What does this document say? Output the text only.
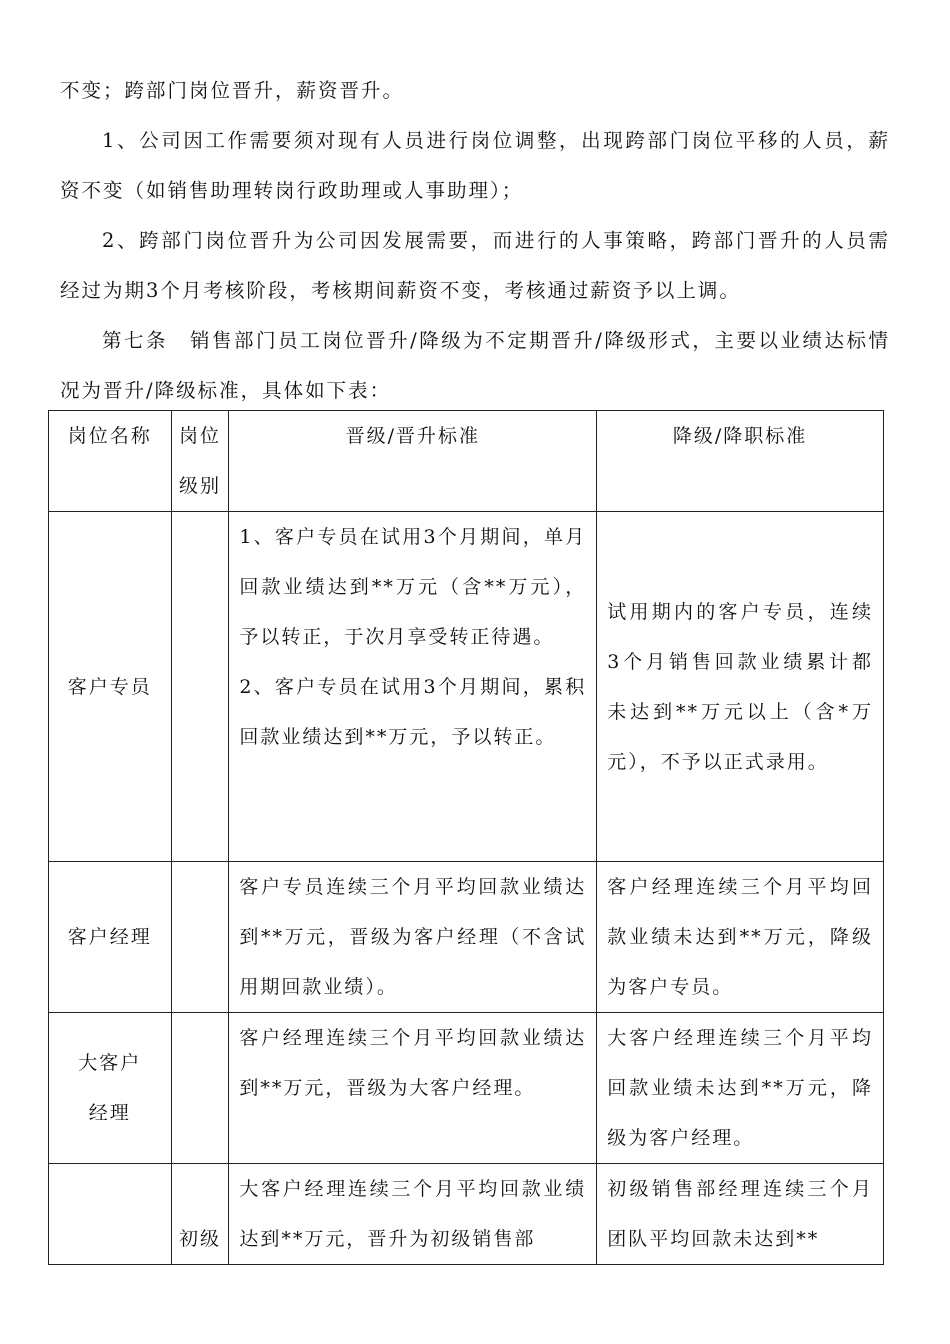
不变；跨部门岗位晋升，薪资晋升。

1、公司因工作需要须对现有人员进行岗位调整，出现跨部门岗位平移的人员，薪资不变（如销售助理转岗行政助理或人事助理）；

2、跨部门岗位晋升为公司因发展需要，而进行的人事策略，跨部门晋升的人员需经过为期3个月考核阶段，考核期间薪资不变，考核通过薪资予以上调。

第七条　销售部门员工岗位晋升/降级为不定期晋升/降级形式，主要以业绩达标情况为晋升/降级标准，具体如下表：

岗位名称	岗位级别	晋级/晋升标准	降级/降职标准
客户专员		1、客户专员在试用3个月期间，单月回款业绩达到**万元（含**万元），予以转正，于次月享受转正待遇。
2、客户专员在试用3个月期间，累积回款业绩达到**万元，予以转正。	试用期内的客户专员，连续3个月销售回款业绩累计都未达到**万元以上（含*万元），不予以正式录用。
客户经理		客户专员连续三个月平均回款业绩达到**万元，晋级为客户经理（不含试用期回款业绩）。	客户经理连续三个月平均回款业绩未达到**万元，降级为客户专员。
大客户经理		客户经理连续三个月平均回款业绩达到**万元，晋级为大客户经理。	大客户经理连续三个月平均回款业绩未达到**万元，降级为客户经理。
	初级	大客户经理连续三个月平均回款业绩达到**万元，晋升为初级销售部	初级销售部经理连续三个月团队平均回款未达到**
